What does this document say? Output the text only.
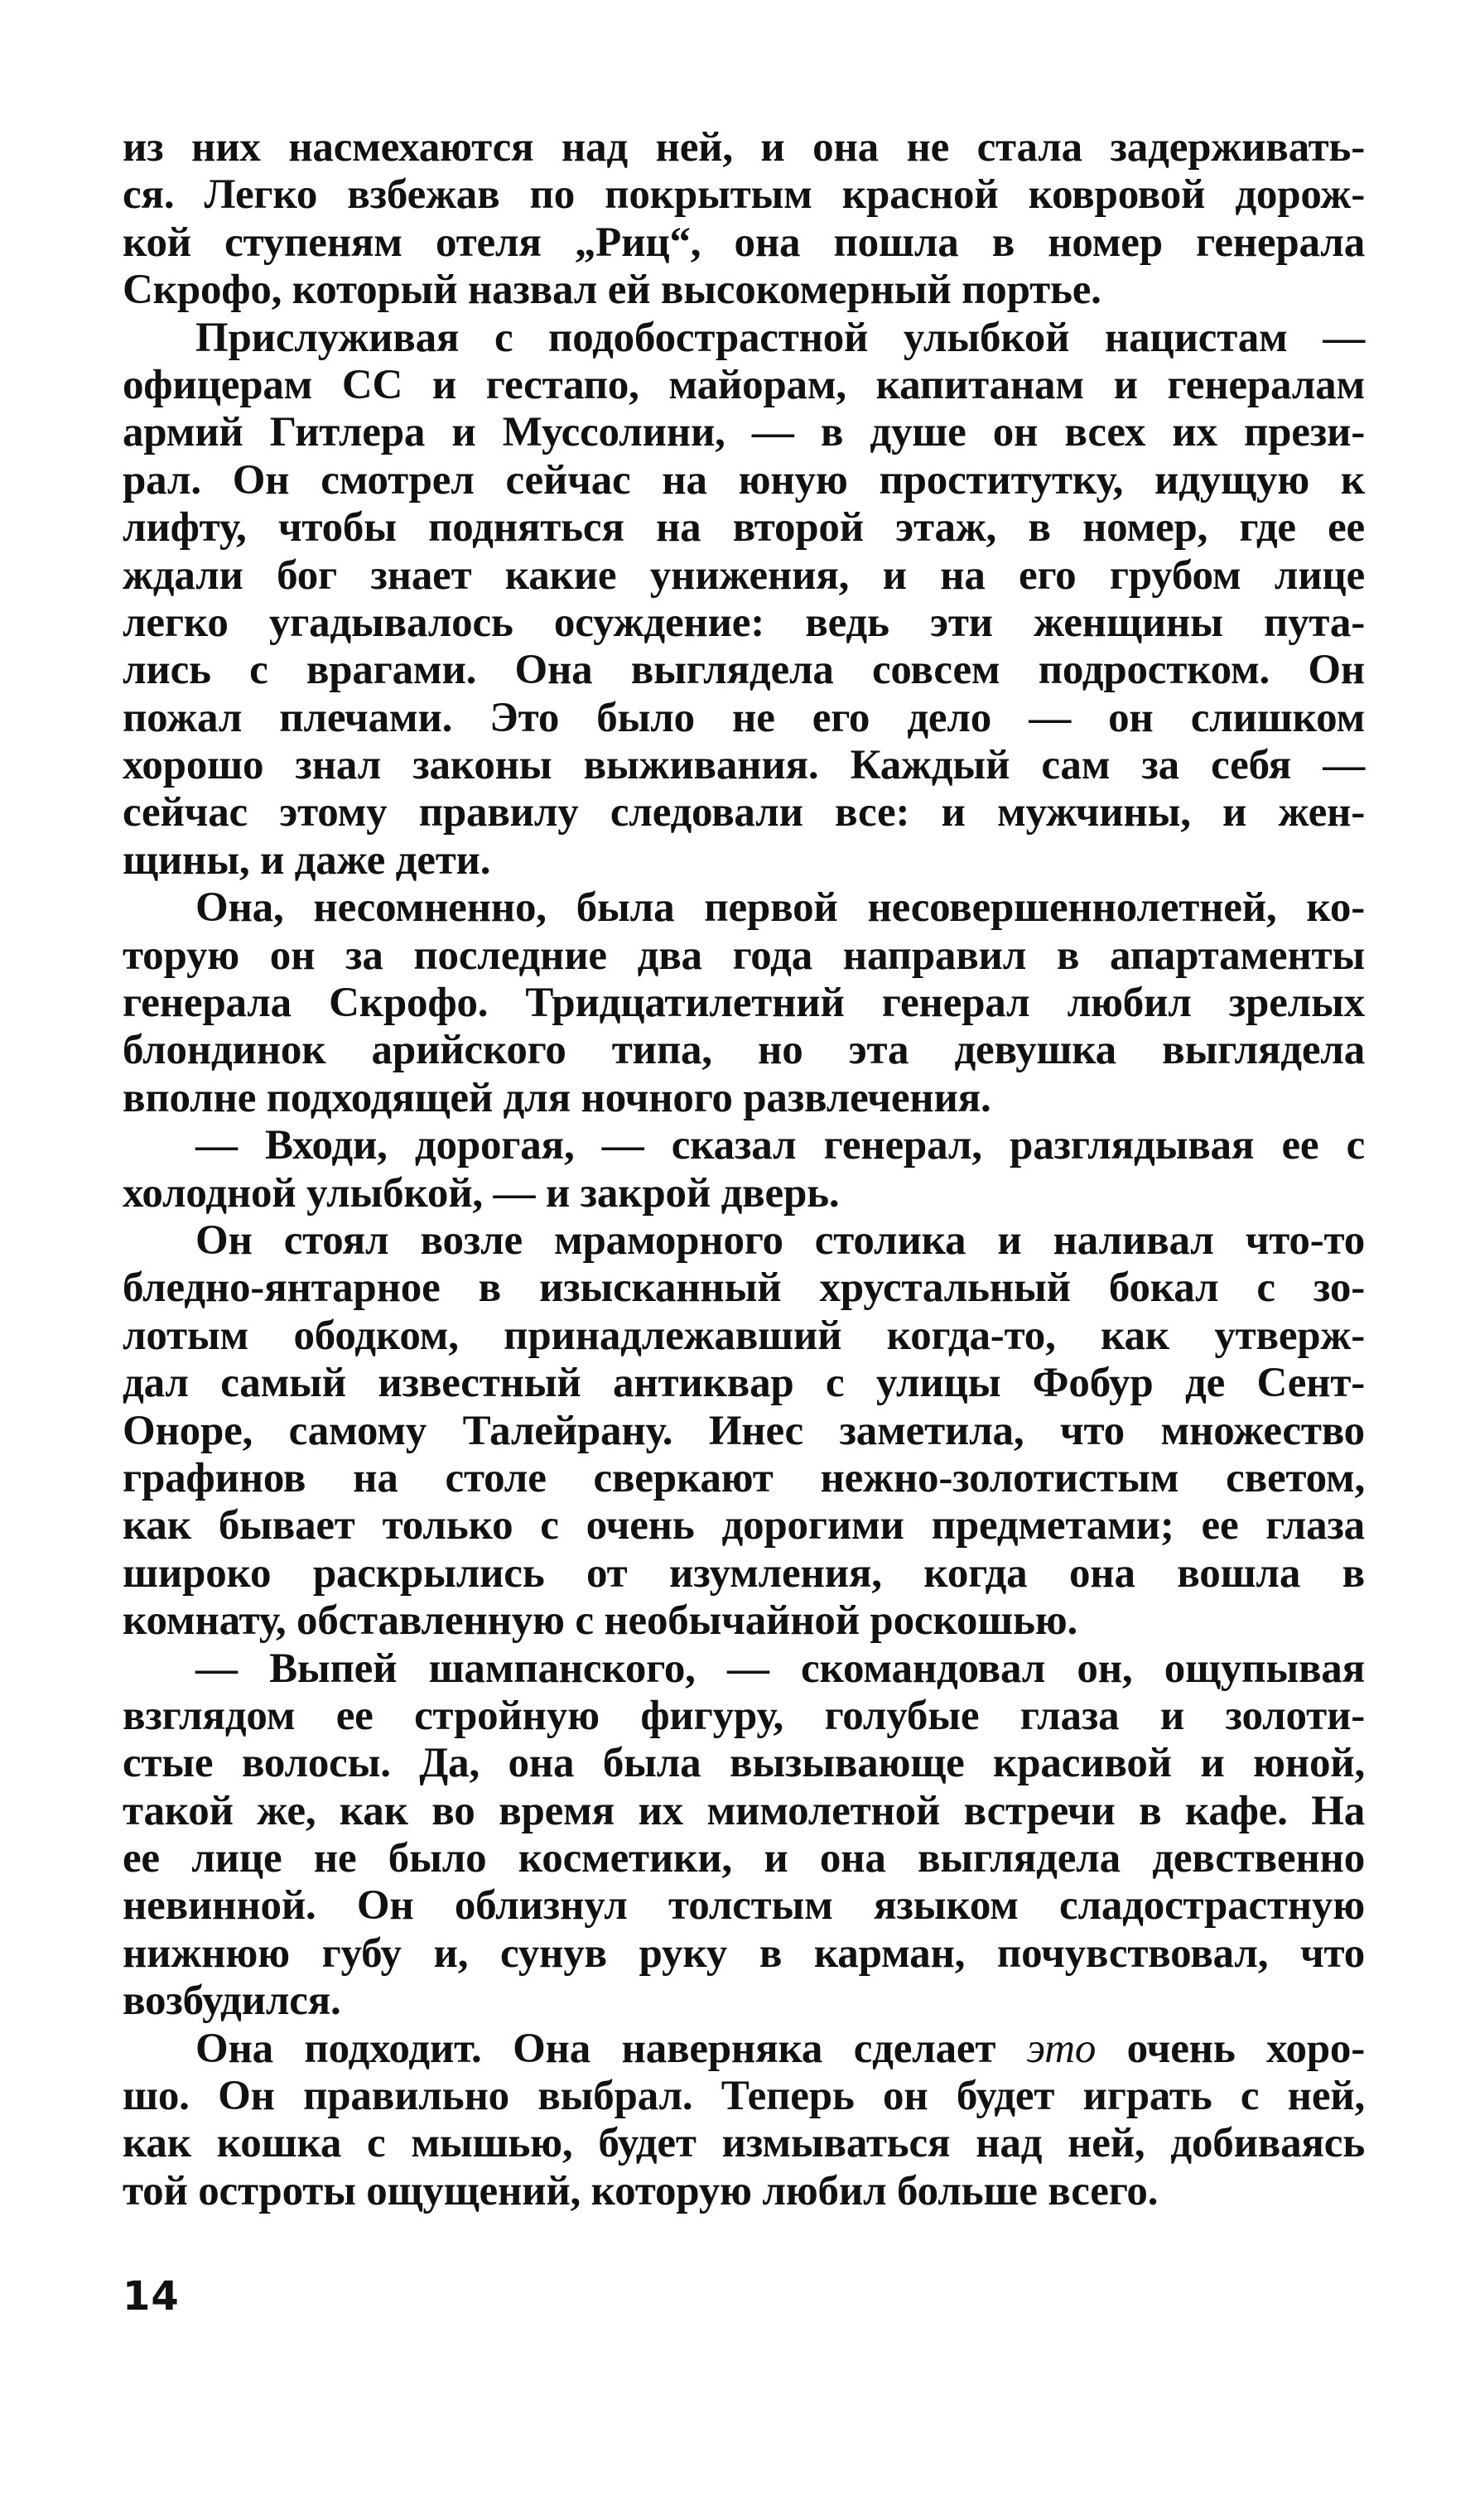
из них насмехаются над ней, и она не стала задерживать-
ся. Легко взбежав по покрытым красной ковровой дорож-
кой ступеням отеля „Риц“, она пошла в номер генерала
Скрофо, который назвал ей высокомерный портье.
Прислуживая с подобострастной улыбкой нацистам —
офицерам СС и гестапо, майорам, капитанам и генералам
армий Гитлера и Муссолини, — в душе он всех их прези-
рал. Он смотрел сейчас на юную проститутку, идущую к
лифту, чтобы подняться на второй этаж, в номер, где ее
ждали бог знает какие унижения, и на его грубом лице
легко угадывалось осуждение: ведь эти женщины пута-
лись с врагами. Она выглядела совсем подростком. Он
пожал плечами. Это было не его дело — он слишком
хорошо знал законы выживания. Каждый сам за себя —
сейчас этому правилу следовали все: и мужчины, и жен-
щины, и даже дети.
Она, несомненно, была первой несовершеннолетней, ко-
торую он за последние два года направил в апартаменты
генерала Скрофо. Тридцатилетний генерал любил зрелых
блондинок арийского типа, но эта девушка выглядела
вполне подходящей для ночного развлечения.
— Входи, дорогая, — сказал генерал, разглядывая ее с
холодной улыбкой, — и закрой дверь.
Он стоял возле мраморного столика и наливал что-то
бледно-янтарное в изысканный хрустальный бокал с зо-
лотым ободком, принадлежавший когда-то, как утверж-
дал самый известный антиквар с улицы Фобур де Сент-
Оноре, самому Талейрану. Инес заметила, что множество
графинов на столе сверкают нежно-золотистым светом,
как бывает только с очень дорогими предметами; ее глаза
широко раскрылись от изумления, когда она вошла в
комнату, обставленную с необычайной роскошью.
— Выпей шампанского, — скомандовал он, ощупывая
взглядом ее стройную фигуру, голубые глаза и золоти-
стые волосы. Да, она была вызывающе красивой и юной,
такой же, как во время их мимолетной встречи в кафе. На
ее лице не было косметики, и она выглядела девственно
невинной. Он облизнул толстым языком сладострастную
нижнюю губу и, сунув руку в карман, почувствовал, что
возбудился.
Она подходит. Она наверняка сделает это очень хоро-
шо. Он правильно выбрал. Теперь он будет играть с ней,
как кошка с мышью, будет измываться над ней, добиваясь
той остроты ощущений, которую любил больше всего.
14
